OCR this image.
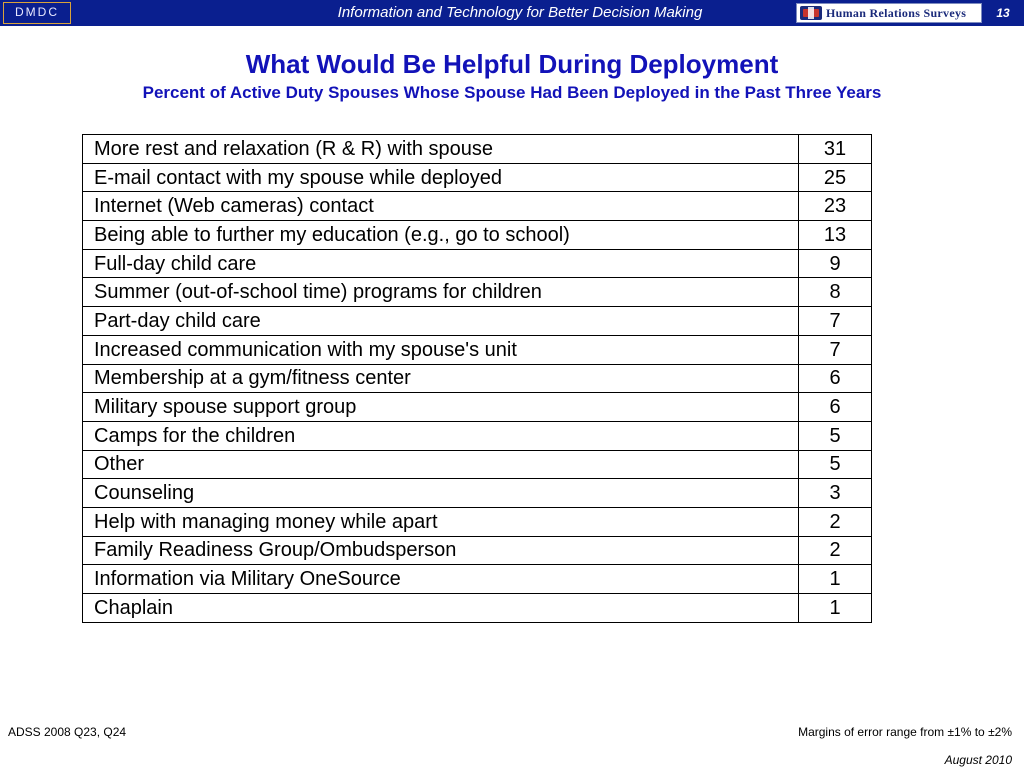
DMDC	Information and Technology for Better Decision Making	Human Relations Surveys	13
What Would Be Helpful During Deployment
Percent of Active Duty Spouses Whose Spouse Had Been Deployed in the Past Three Years
More rest and relaxation (R & R) with spouse	31
E-mail contact with my spouse while deployed	25
Internet (Web cameras) contact	23
Being able to further my education (e.g., go to school)	13
Full-day child care	9
Summer (out-of-school time) programs for children	8
Part-day child care	7
Increased communication with my spouse's unit	7
Membership at a gym/fitness center	6
Military spouse support group	6
Camps for the children	5
Other	5
Counseling	3
Help with managing money while apart	2
Family Readiness Group/Ombudsperson	2
Information via Military OneSource	1
Chaplain	1
ADSS 2008 Q23, Q24	Margins of error range from ±1% to ±2%
August 2010
